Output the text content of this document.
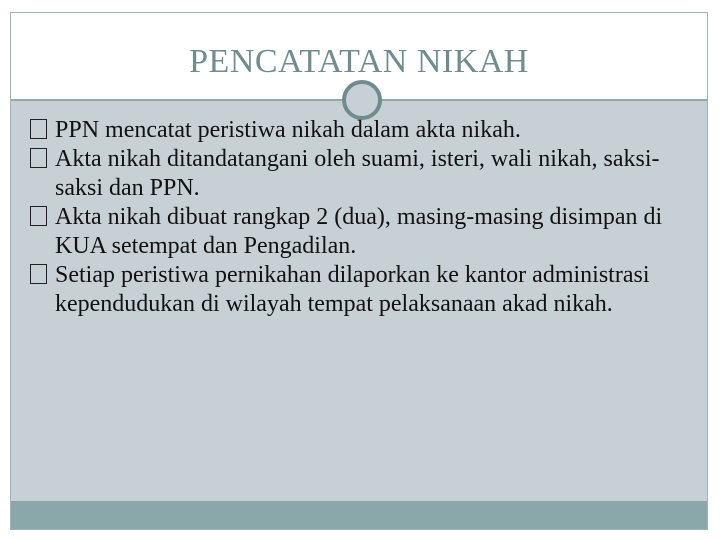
PENCATATAN NIKAH
PPN mencatat peristiwa nikah dalam akta nikah.
Akta nikah ditandatangani oleh suami, isteri, wali nikah, saksi-saksi dan PPN.
Akta nikah dibuat rangkap 2 (dua), masing-masing disimpan di KUA setempat dan Pengadilan.
Setiap peristiwa pernikahan dilaporkan ke kantor administrasi kependudukan di wilayah tempat pelaksanaan akad nikah.
